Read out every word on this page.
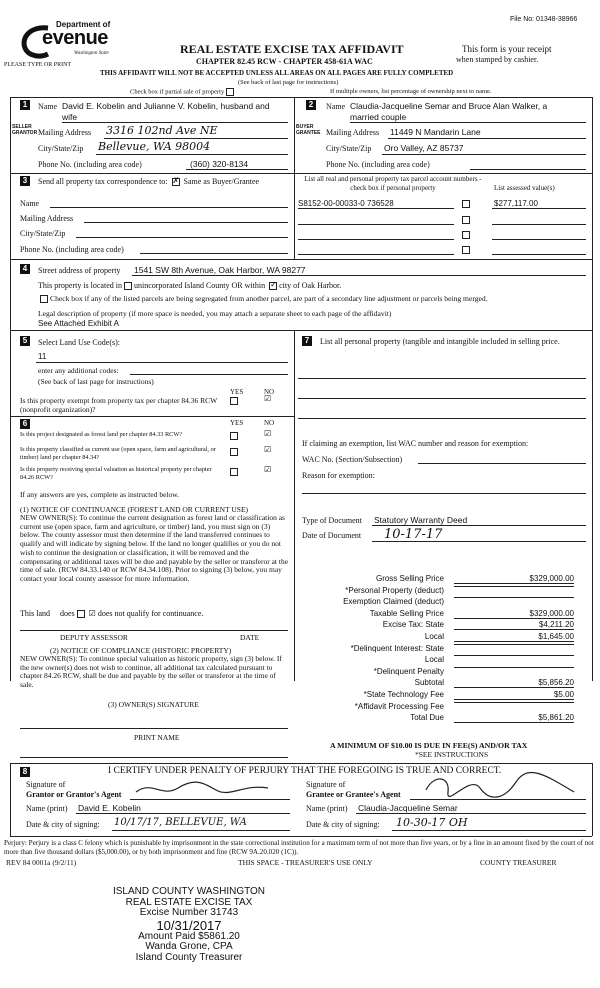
File No: 01348-38966
Department of
evenue
Washington State
PLEASE TYPE OR PRINT
REAL ESTATE EXCISE TAX AFFIDAVIT
CHAPTER 82.45 RCW - CHAPTER 458-61A WAC
This form is your receipt
when stamped by cashier.
THIS AFFIDAVIT WILL NOT BE ACCEPTED UNLESS ALL AREAS ON ALL PAGES ARE FULLY COMPLETED
(See back of last page for instructions)
Check box if partial sale of property	If multiple owners, list percentage of ownership next to name.
1
SELLER
GRANTOR
Name David E. Kobelin and Julianne V. Kobelin, husband and
wife
Mailing Address 3316 102nd Ave NE
City/State/Zip Bellevue, WA 98004
Phone No. (including area code)	(360) 320-8134
2
BUYER
GRANTEE
Name Claudia-Jacqueline Semar and Bruce Alan Walker, a
married couple
Mailing Address 11449 N Mandarin Lane
City/State/Zip Oro Valley, AZ 85737
Phone No. (including area code)
3	Send all property tax correspondence to: ✗ Same as Buyer/Grantee
Name
Mailing Address
City/State/Zip
Phone No. (including area code)
List all real and personal property tax parcel account numbers - check box if personal property	List assessed value(s)
S8152-00-00033-0 736528	$277,117.00
4	Street address of property 1541 SW 8th Avenue, Oak Harbor, WA 98277
This property is located in unincorporated Island County OR within ✓ city of Oak Harbor.
Check box if any of the listed parcels are being segregated from another parcel, are part of a secondary line adjustment or parcels being merged.
Legal description of property (if more space is needed, you may attach a separate sheet to each page of the affidavit)
See Attached Exhibit A
5	Select Land Use Code(s):
11
enter any additional codes:
(See back of last page for instructions)
YES	NO
Is this property exempt from property tax per chapter 84.36 RCW (nonprofit organization)?
☑
6	YES	NO
Is this project designated as forest land per chapter 84.33 RCW?	☑
Is this property classified as current use (open space, farm and agricultural, or timber) land per chapter 84.34?
☑
Is this property receiving special valuation as historical property per chapter 84.26 RCW?
☑
If any answers are yes, complete as instructed below.
(1) NOTICE OF CONTINUANCE (FOREST LAND OR CURRENT USE)
NEW OWNER(S): To continue the current designation as forest land or classification as current use (open space, farm and agriculture, or timber) land, you must sign on (3) below. The county assessor must then determine if the land transferred continues to qualify and will indicate by signing below. If the land no longer qualifies or you do not wish to continue the designation or classification, it will be removed and the compensating or additional taxes will be due and payable by the seller or transferor at the time of sale. (RCW 84.33.140 or RCW 84.34.108). Prior to signing (3) below, you may contact your local county assessor for more information.
This land does ☑ does not qualify for continuance.
DEPUTY ASSESSOR	DATE
(2) NOTICE OF COMPLIANCE (HISTORIC PROPERTY)
NEW OWNER(S): To continue special valuation as historic property, sign (3) below. If the new owner(s) does not wish to continue, all additional tax calculated pursuant to chapter 84.26 RCW, shall be due and payable by the seller or transferor at the time of sale.
(3) OWNER(S) SIGNATURE
PRINT NAME
7	List all personal property (tangible and intangible included in selling price.
If claiming an exemption, list WAC number and reason for exemption:
WAC No. (Section/Subsection)
Reason for exemption:
Type of Document Statutory Warranty Deed
Date of Document 10-17-17
Gross Selling Price	$329,000.00
*Personal Property (deduct)
Exemption Claimed (deduct)
Taxable Selling Price	$329,000.00
Excise Tax: State	$4,211.20
Local	$1,645.00
*Delinquent Interest: State
Local
*Delinquent Penalty
Subtotal	$5,856.20
*State Technology Fee	$5.00
*Affidavit Processing Fee
Total Due	$5,861.20
A MINIMUM OF $10.00 IS DUE IN FEE(S) AND/OR TAX
*SEE INSTRUCTIONS
8	I CERTIFY UNDER PENALTY OF PERJURY THAT THE FOREGOING IS TRUE AND CORRECT.
Signature of
Grantor or Grantor's Agent
Name (print) David E. Kobelin
Date & city of signing: 10/17/17, BELLEVUE, WA
Signature of
Grantee or Grantee's Agent
Name (print) Claudia-Jacqueline Semar
Date & city of signing: 10-30-17 OH
Perjury: Perjury is a class C felony which is punishable by imprisonment in the state correctional institution for a maximum term of not more than five years, or by a fine in an amount fixed by the court of not more than five thousand dollars ($5,000.00), or by both imprisonment and fine (RCW 9A.20.020 (1C)).
REV 84 0001a (9/2/11)	THIS SPACE - TREASURER'S USE ONLY	COUNTY TREASURER
ISLAND COUNTY WASHINGTON
REAL ESTATE EXCISE TAX
Excise Number 31743
10/31/2017
Amount Paid $5861.20
Wanda Grone, CPA
Island County Treasurer
